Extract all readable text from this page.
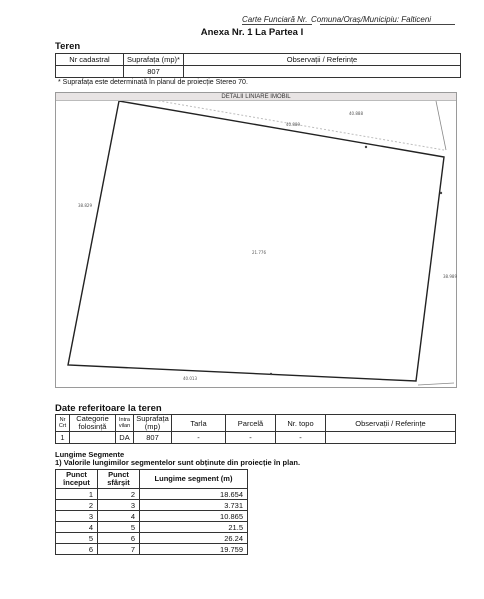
Carte Funciară Nr. Comuna/Oraș/Municipiu: Falticeni
Anexa Nr. 1 La Partea I
Teren
Nr cadastral	Suprafața (mp)*	Observații / Referințe
	807	
* Suprafața este determinată în planul de proiecție Stereo 70.
40.888
40.889
38.829
21.776
38.989
40.013
DETALII LINIARE IMOBIL
Date referitoare la teren
Nr Crt	Categorie folosință	Intra vilan	Suprafața (mp)	Tarla	Parcelă	Nr. topo	Observații / Referințe
1		DA	807	-	-	-	
Lungime Segmente
1) Valorile lungimilor segmentelor sunt obținute din proiecție în plan.
Punct început	Punct sfârșit	Lungime segment (m)
1	2	18.654
2	3	3.731
3	4	10.865
4	5	21.5
5	6	26.24
6	7	19.759
